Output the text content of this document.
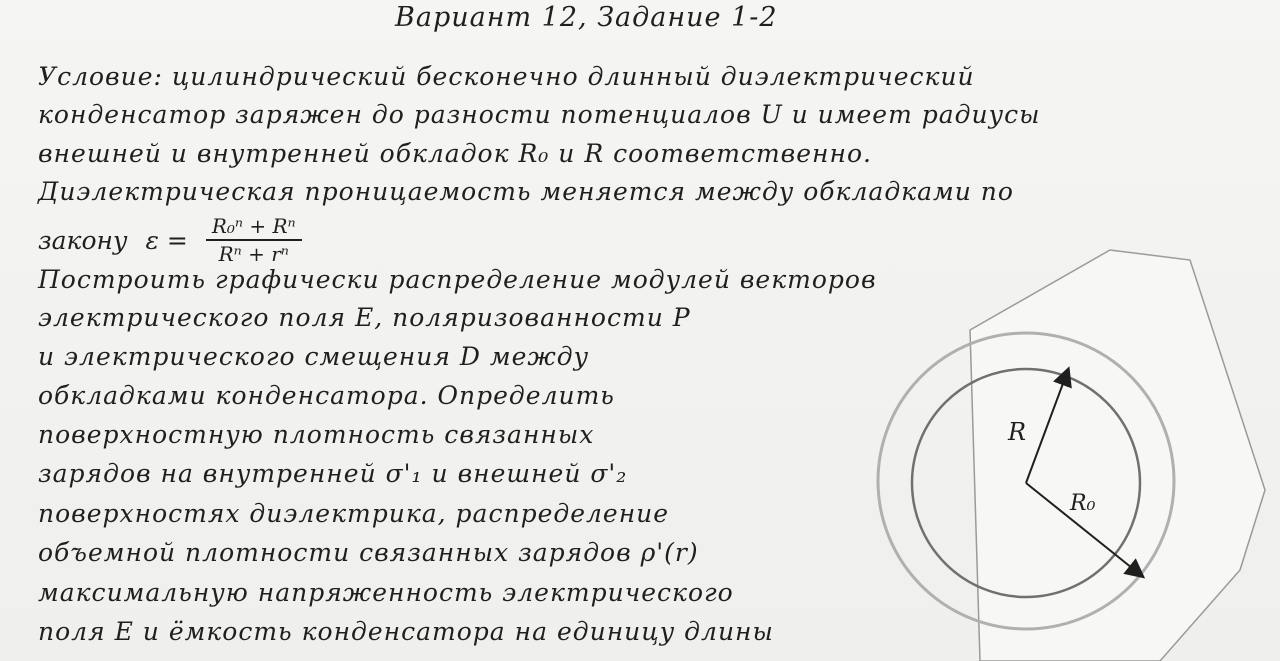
Вариант 12, Задание 1-2
Условие: цилиндрический бесконечно длинный диэлектрический
конденсатор заряжен до разности потенциалов U и имеет радиусы
внешней и внутренней обкладок R₀ и R соответственно.
Диэлектрическая проницаемость меняется между обкладками по
закону $\varepsilon = \frac{\text{R₀ⁿ + Rⁿ}}{\text{Rⁿ + rⁿ}}$
Построить графически распределение модулей векторов
электрического поля E, поляризованности P
и электрического смещения D между
обкладками конденсатора. Определить
поверхностную плотность связанных
зарядов на внутренней σ'₁ и внешней σ'₂
поверхностях диэлектрика, распределение
объемной плотности связанных зарядов ρ'(r)
максимальную напряженность электрического
поля E и ёмкость конденсатора на единицу длины
R
R₀
